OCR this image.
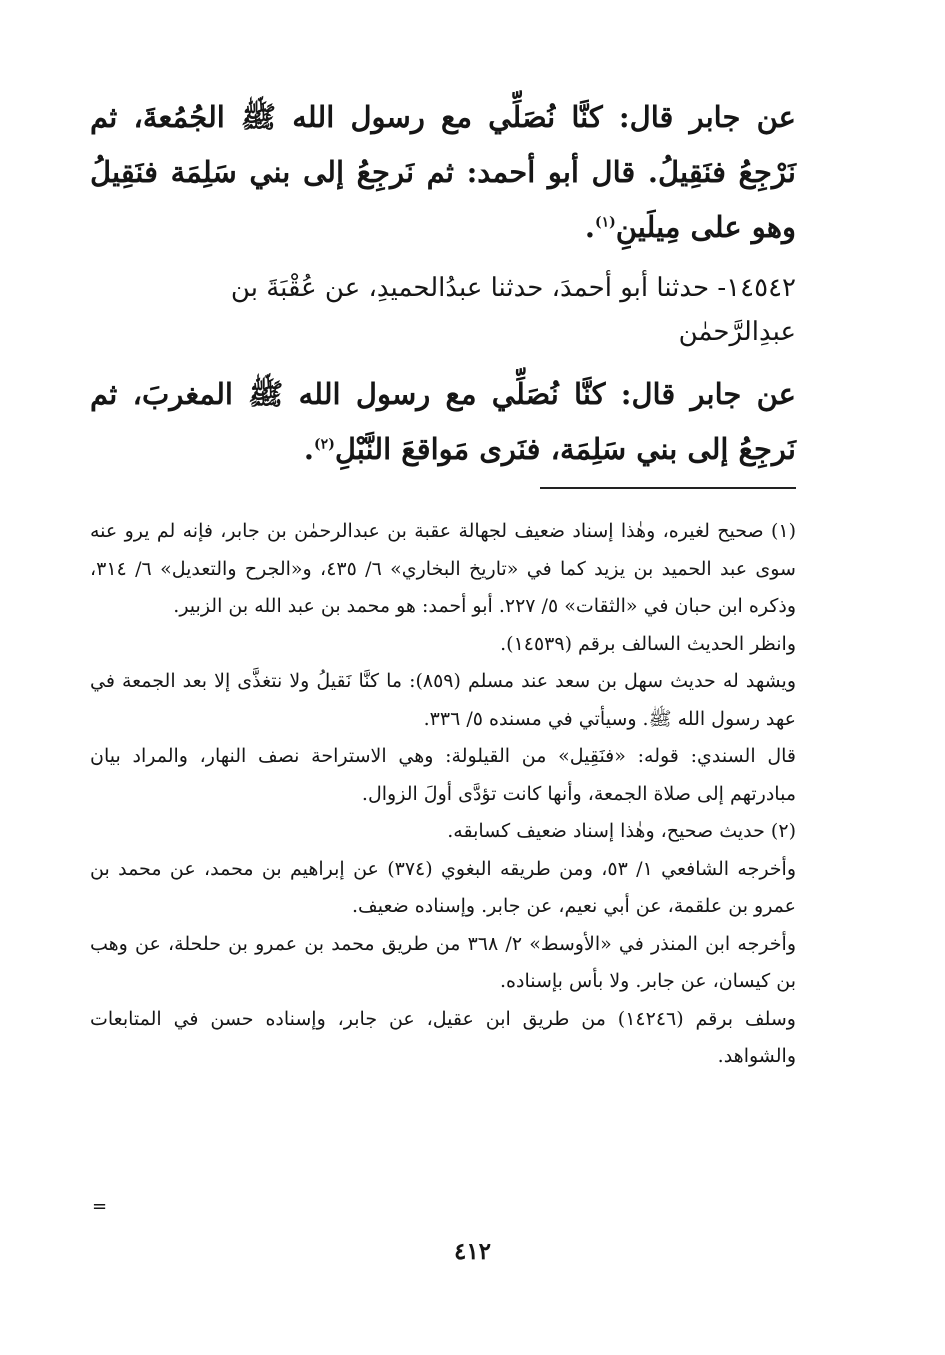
عن جابر قال: كنَّا نُصَلِّي مع رسول الله ﷺ الجُمُعةَ، ثم نَرْجِعُ فنَقِيلُ. قال أبو أحمد: ثم نَرجِعُ إلى بني سَلِمَة فنَقِيلُ وهو على مِيلَينِ$^{(١)}$.

١٤٥٤٢- حدثنا أبو أحمدَ، حدثنا عبدُالحميدِ، عن عُقْبَةَ بن

عبدِالرَّحمٰن

عن جابر قال: كنَّا نُصَلِّي مع رسول الله ﷺ المغربَ، ثم نَرجِعُ إلى بني سَلِمَة، فنَرى مَواقعَ النَّبْلِ$^{(٢)}$.

(١) صحيح لغيره، وهٰذا إسناد ضعيف لجهالة عقبة بن عبدالرحمٰن بن جابر، فإنه لم يرو عنه سوى عبد الحميد بن يزيد كما في «تاريخ البخاري» ٦/ ٤٣٥، و«الجرح والتعديل» ٦/ ٣١٤، وذكره ابن حبان في «الثقات» ٥/ ٢٢٧. أبو أحمد: هو محمد بن عبد الله بن الزبير.

وانظر الحديث السالف برقم (١٤٥٣٩).

ويشهد له حديث سهل بن سعد عند مسلم (٨٥٩): ما كنَّا نَقيلُ ولا نتغذَّى إلا بعد الجمعة في عهد رسول الله ﷺ. وسيأتي في مسنده ٥/ ٣٣٦.

قال السندي: قوله: «فنَقِيل» من القيلولة: وهي الاستراحة نصف النهار، والمراد بيان مبادرتهم إلى صلاة الجمعة، وأنها كانت تؤدَّى أولَ الزوال.

(٢) حديث صحيح، وهٰذا إسناد ضعيف كسابقه.

وأخرجه الشافعي ١/ ٥٣، ومن طريقه البغوي (٣٧٤) عن إبراهيم بن محمد، عن محمد بن عمرو بن علقمة، عن أبي نعيم، عن جابر. وإسناده ضعيف.

وأخرجه ابن المنذر في «الأوسط» ٢/ ٣٦٨ من طريق محمد بن عمرو بن حلحلة، عن وهب بن كيسان، عن جابر. ولا بأس بإسناده.

وسلف برقم (١٤٢٤٦) من طريق ابن عقيل، عن جابر، وإسناده حسن في المتابعات والشواهد.

=
٤١٢
